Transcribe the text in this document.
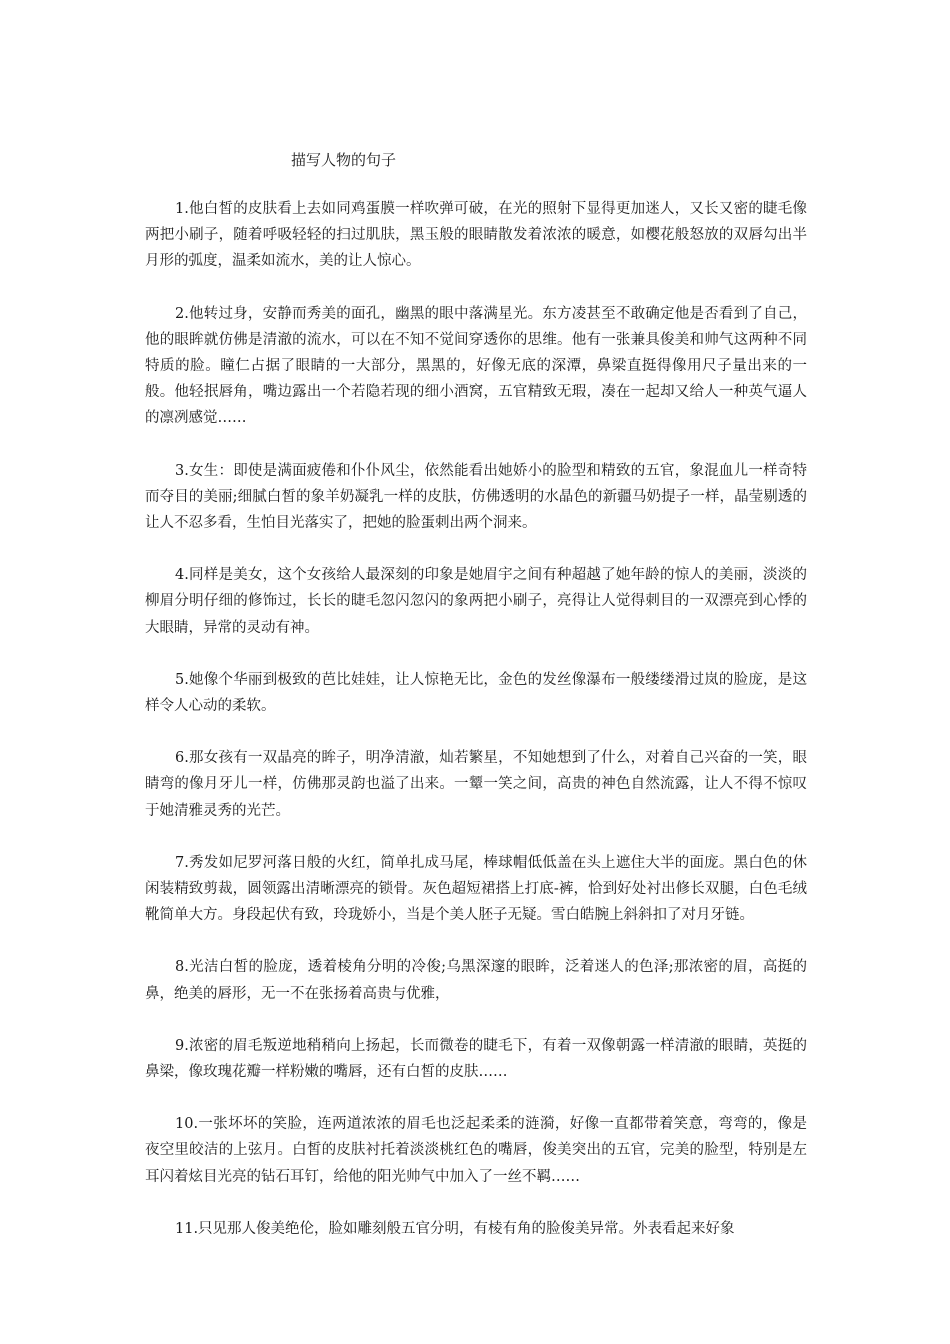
描写人物的句子

1.他白皙的皮肤看上去如同鸡蛋膜一样吹弹可破，在光的照射下显得更加迷人，又长又密的睫毛像两把小刷子，随着呼吸轻轻的扫过肌肤，黑玉般的眼睛散发着浓浓的暖意，如樱花般怒放的双唇勾出半月形的弧度，温柔如流水，美的让人惊心。

2.他转过身，安静而秀美的面孔，幽黑的眼中落满星光。东方凌甚至不敢确定他是否看到了自己，他的眼眸就仿佛是清澈的流水，可以在不知不觉间穿透你的思维。他有一张兼具俊美和帅气这两种不同特质的脸。瞳仁占据了眼睛的一大部分，黑黑的，好像无底的深潭，鼻梁直挺得像用尺子量出来的一般。他轻抿唇角，嘴边露出一个若隐若现的细小酒窝，五官精致无瑕，凑在一起却又给人一种英气逼人的凛冽感觉……

3.女生：即使是满面疲倦和仆仆风尘，依然能看出她娇小的脸型和精致的五官，象混血儿一样奇特而夺目的美丽;细腻白皙的象羊奶凝乳一样的皮肤，仿佛透明的水晶色的新疆马奶提子一样，晶莹剔透的让人不忍多看，生怕目光落实了，把她的脸蛋刺出两个洞来。

4.同样是美女，这个女孩给人最深刻的印象是她眉宇之间有种超越了她年龄的惊人的美丽，淡淡的柳眉分明仔细的修饰过，长长的睫毛忽闪忽闪的象两把小刷子，亮得让人觉得刺目的一双漂亮到心悸的大眼睛，异常的灵动有神。

5.她像个华丽到极致的芭比娃娃，让人惊艳无比，金色的发丝像瀑布一般缕缕滑过岚的脸庞，是这样令人心动的柔软。

6.那女孩有一双晶亮的眸子，明净清澈，灿若繁星，不知她想到了什么，对着自己兴奋的一笑，眼睛弯的像月牙儿一样，仿佛那灵韵也溢了出来。一颦一笑之间，高贵的神色自然流露，让人不得不惊叹于她清雅灵秀的光芒。

7.秀发如尼罗河落日般的火红，简单扎成马尾，棒球帽低低盖在头上遮住大半的面庞。黑白色的休闲装精致剪裁，圆领露出清晰漂亮的锁骨。灰色超短裙搭上打底-裤，恰到好处衬出修长双腿，白色毛绒靴简单大方。身段起伏有致，玲珑娇小，当是个美人胚子无疑。雪白皓腕上斜斜扣了对月牙链。

8.光洁白皙的脸庞，透着棱角分明的冷俊;乌黑深邃的眼眸，泛着迷人的色泽;那浓密的眉，高挺的鼻，绝美的唇形，无一不在张扬着高贵与优雅，

9.浓密的眉毛叛逆地稍稍向上扬起，长而微卷的睫毛下，有着一双像朝露一样清澈的眼睛，英挺的鼻梁，像玫瑰花瓣一样粉嫩的嘴唇，还有白皙的皮肤……

10.一张坏坏的笑脸，连两道浓浓的眉毛也泛起柔柔的涟漪，好像一直都带着笑意，弯弯的，像是夜空里皎洁的上弦月。白皙的皮肤衬托着淡淡桃红色的嘴唇，俊美突出的五官，完美的脸型，特别是左耳闪着炫目光亮的钻石耳钉，给他的阳光帅气中加入了一丝不羁……

11.只见那人俊美绝伦，脸如雕刻般五官分明，有棱有角的脸俊美异常。外表看起来好象
